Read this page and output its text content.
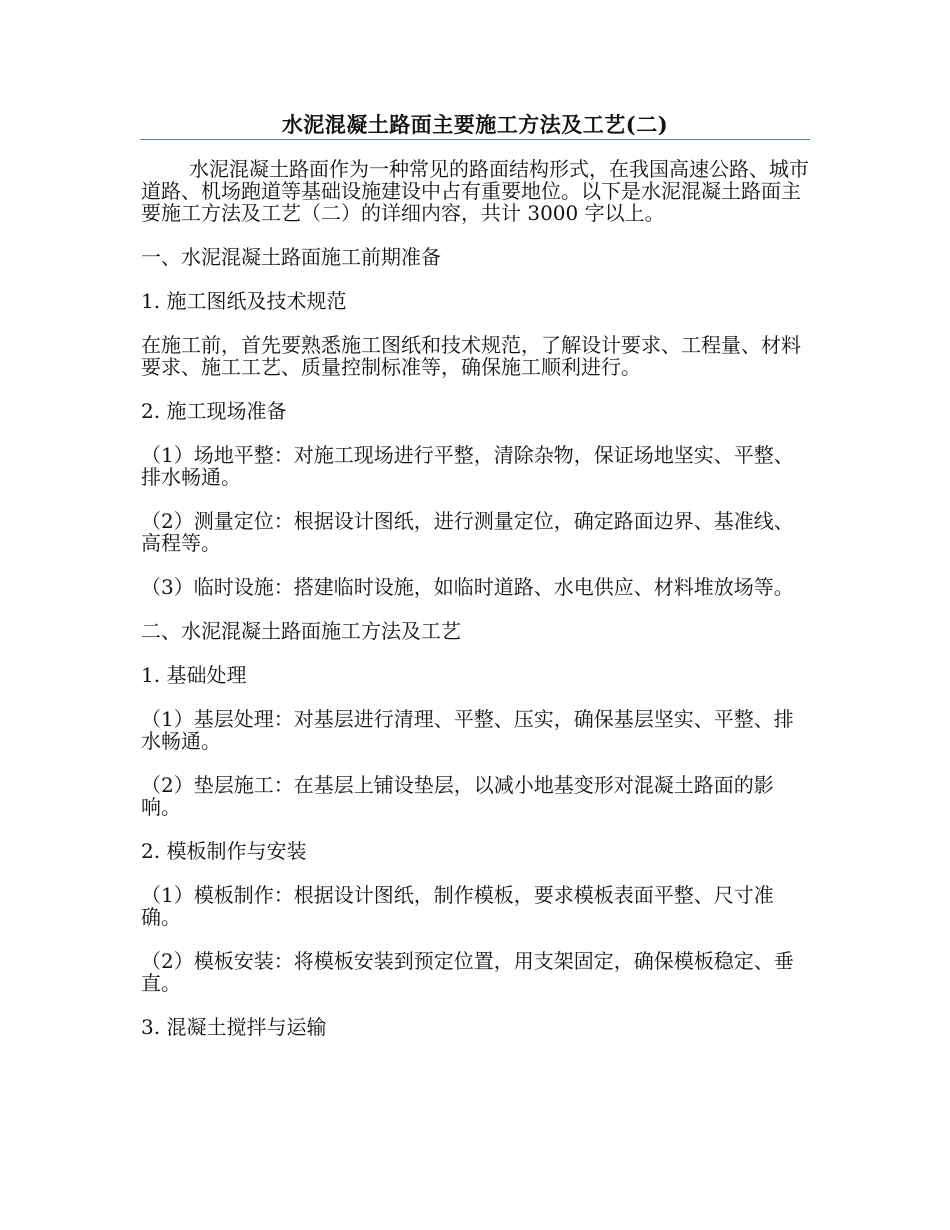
水泥混凝土路面主要施工方法及工艺(二)

水泥混凝土路面作为一种常见的路面结构形式，在我国高速公路、城市道路、机场跑道等基础设施建设中占有重要地位。以下是水泥混凝土路面主要施工方法及工艺（二）的详细内容，共计 3000 字以上。

一、水泥混凝土路面施工前期准备

1. 施工图纸及技术规范

在施工前，首先要熟悉施工图纸和技术规范，了解设计要求、工程量、材料要求、施工工艺、质量控制标准等，确保施工顺利进行。

2. 施工现场准备

（1）场地平整：对施工现场进行平整，清除杂物，保证场地坚实、平整、排水畅通。

（2）测量定位：根据设计图纸，进行测量定位，确定路面边界、基准线、高程等。

（3）临时设施：搭建临时设施，如临时道路、水电供应、材料堆放场等。

二、水泥混凝土路面施工方法及工艺

1. 基础处理

（1）基层处理：对基层进行清理、平整、压实，确保基层坚实、平整、排水畅通。

（2）垫层施工：在基层上铺设垫层，以减小地基变形对混凝土路面的影响。

2. 模板制作与安装

（1）模板制作：根据设计图纸，制作模板，要求模板表面平整、尺寸准确。

（2）模板安装：将模板安装到预定位置，用支架固定，确保模板稳定、垂直。

3. 混凝土搅拌与运输
